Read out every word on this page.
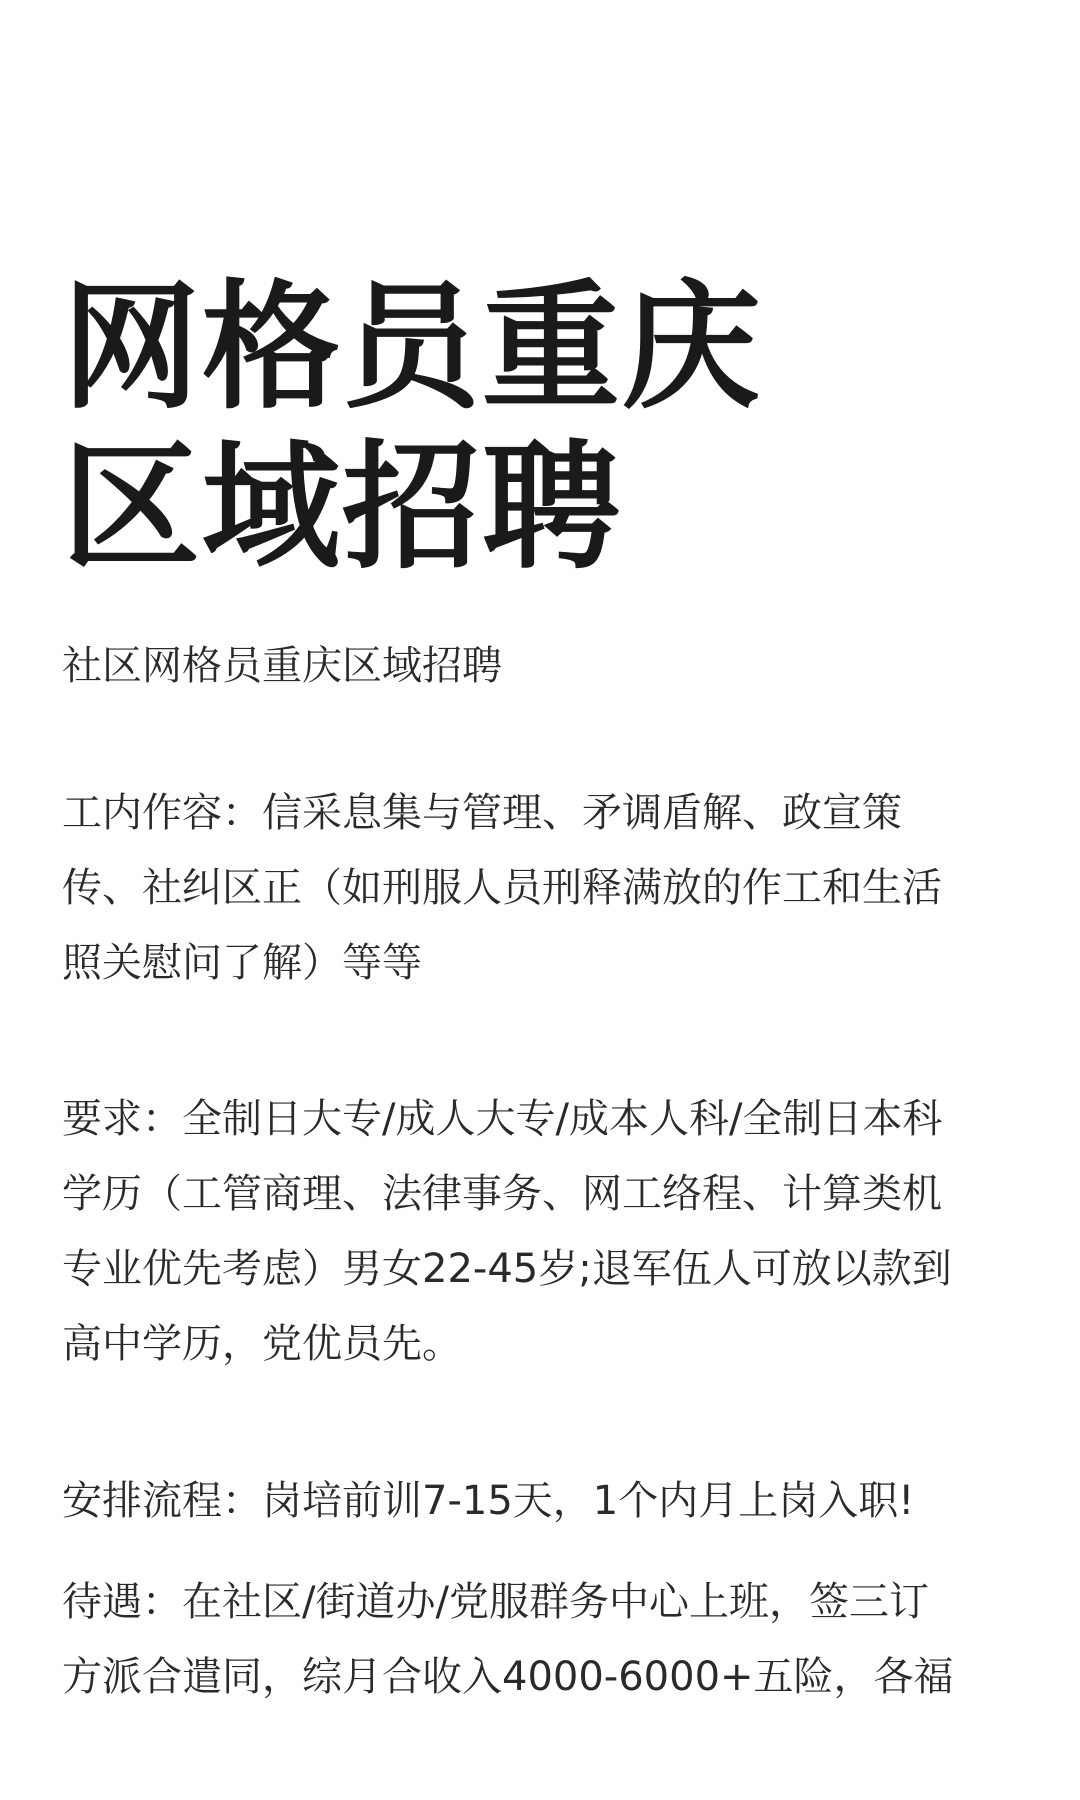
网格员重庆
区域招聘

社区网格员重庆区域招聘

工内作容：信采息集与管理、矛调盾解、政宣策
传、社纠区正（如刑服人员刑释满放的作工和生活
照关慰问了解）等等

要求：全制日大专/成人大专/成本人科/全制日本科
学历（工管商理、法律事务、网工络程、计算类机
专业优先考虑）男女22-45岁;退军伍人可放以款到
高中学历，党优员先。

安排流程：岗培前训7-15天，1个内月上岗入职!

待遇：在社区/街道办/党服群务中心上班，签三订
方派合遣同，综月合收入4000-6000+五险，各福
